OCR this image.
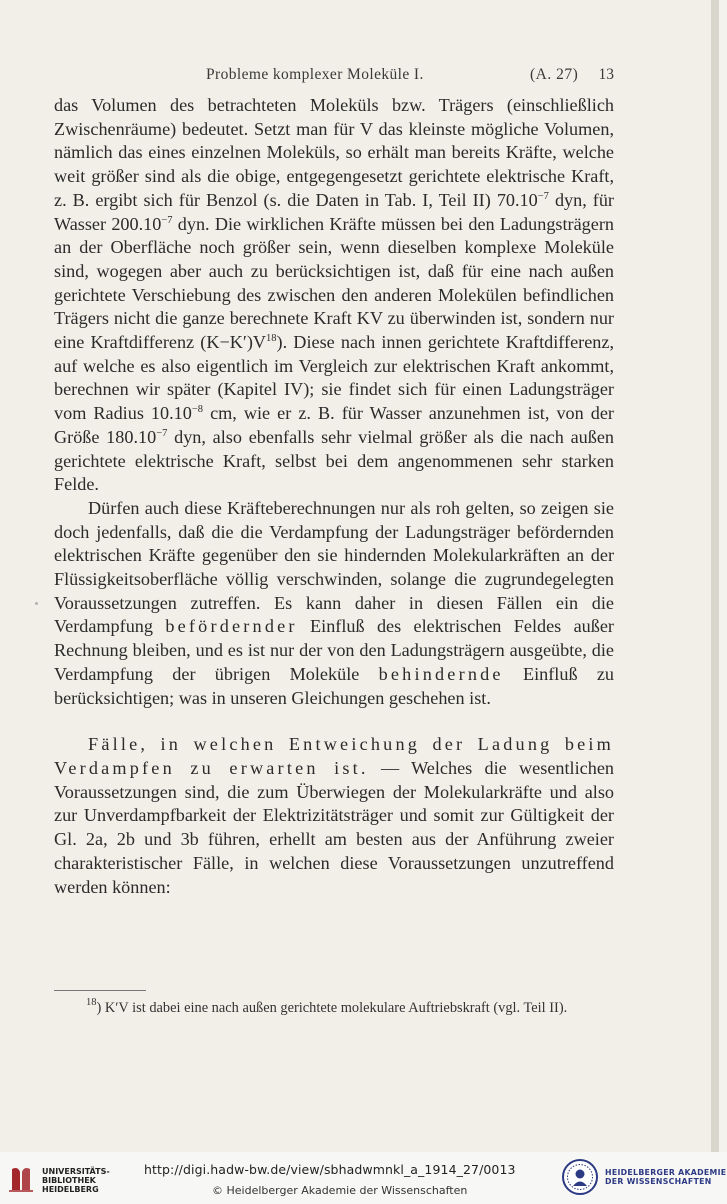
Probleme komplexer Moleküle I.	(A. 27) 13

das Volumen des betrachteten Moleküls bzw. Trägers (einschließlich Zwischenräume) bedeutet. Setzt man für V das kleinste mögliche Volumen, nämlich das eines einzelnen Moleküls, so erhält man bereits Kräfte, welche weit größer sind als die obige, entgegengesetzt gerichtete elektrische Kraft, z. B. ergibt sich für Benzol (s. die Daten in Tab. I, Teil II) $70.10^{-7}$ dyn, für Wasser $200.10^{-7}$ dyn. Die wirklichen Kräfte müssen bei den Ladungsträgern an der Oberfläche noch größer sein, wenn dieselben komplexe Moleküle sind, wogegen aber auch zu berücksichtigen ist, daß für eine nach außen gerichtete Verschiebung des zwischen den anderen Molekülen befindlichen Trägers nicht die ganze berechnete Kraft KV zu überwinden ist, sondern nur eine Kraftdifferenz $(K-K')V^{18}$). Diese nach innen gerichtete Kraftdifferenz, auf welche es also eigentlich im Vergleich zur elektrischen Kraft ankommt, berechnen wir später (Kapitel IV); sie findet sich für einen Ladungsträger vom Radius $10.10^{-8}$ cm, wie er z. B. für Wasser anzunehmen ist, von der Größe $180.10^{-7}$ dyn, also ebenfalls sehr vielmal größer als die nach außen gerichtete elektrische Kraft, selbst bei dem angenommenen sehr starken Felde.

Dürfen auch diese Kräfteberechnungen nur als roh gelten, so zeigen sie doch jedenfalls, daß die die Verdampfung der Ladungsträger befördernden elektrischen Kräfte gegenüber den sie hindernden Molekularkräften an der Flüssigkeitsoberfläche völlig verschwinden, solange die zugrundegelegten Voraussetzungen zutreffen. Es kann daher in diesen Fällen ein die Verdampfung befördernder Einfluß des elektrischen Feldes außer Rechnung bleiben, und es ist nur der von den Ladungsträgern ausgeübte, die Verdampfung der übrigen Moleküle behindernde Einfluß zu berücksichtigen; was in unseren Gleichungen geschehen ist.

Fälle, in welchen Entweichung der Ladung beim Verdampfen zu erwarten ist. — Welches die wesentlichen Voraussetzungen sind, die zum Überwiegen der Molekularkräfte und also zur Unverdampfbarkeit der Elektrizitätsträger und somit zur Gültigkeit der Gl. 2a, 2b und 3b führen, erhellt am besten aus der Anführung zweier charakteristischer Fälle, in welchen diese Voraussetzungen unzutreffend werden können:

$^{18}$) K′V ist dabei eine nach außen gerichtete molekulare Auftriebskraft (vgl. Teil II).
UNIVERSITÄTS- BIBLIOTHEK HEIDELBERG
http://digi.hadw-bw.de/view/sbhadwmnkl_a_1914_27/0013
© Heidelberger Akademie der Wissenschaften
HEIDELBERGER AKADEMIE DER WISSENSCHAFTEN
